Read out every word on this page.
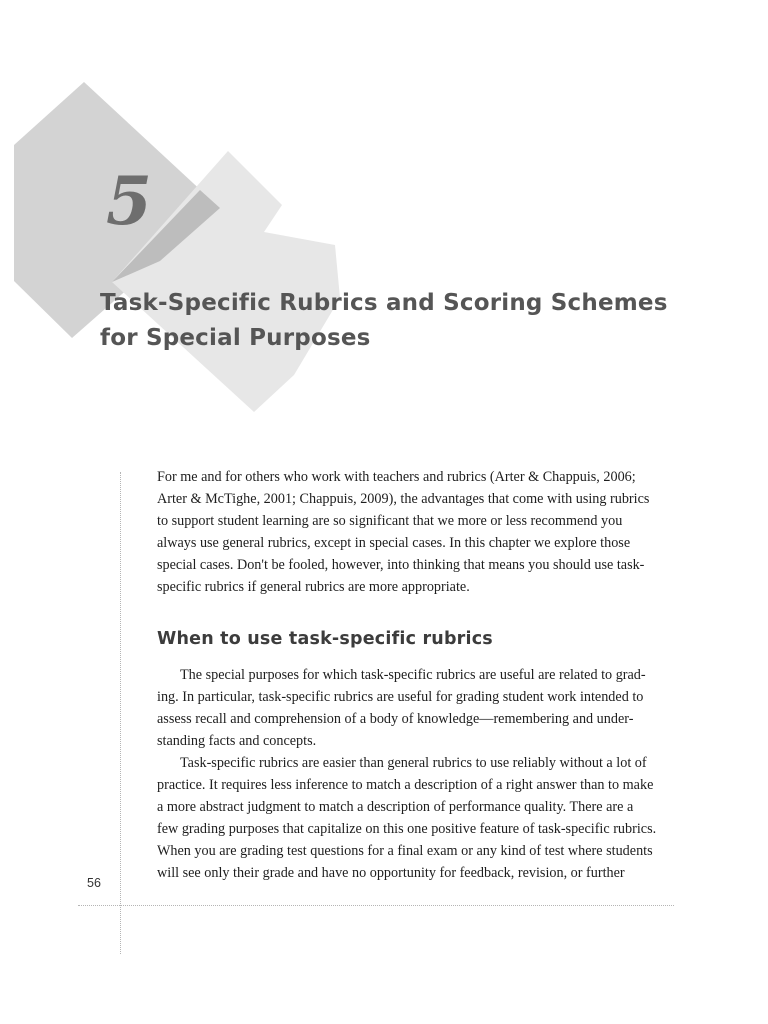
5
Task-Specific Rubrics and Scoring Schemes
for Special Purposes

For me and for others who work with teachers and rubrics (Arter & Chappuis, 2006;
Arter & McTighe, 2001; Chappuis, 2009), the advantages that come with using rubrics
to support student learning are so significant that we more or less recommend you
always use general rubrics, except in special cases. In this chapter we explore those
special cases. Don't be fooled, however, into thinking that means you should use task-
specific rubrics if general rubrics are more appropriate.

When to use task-specific rubrics

The special purposes for which task-specific rubrics are useful are related to grad-
ing. In particular, task-specific rubrics are useful for grading student work intended to
assess recall and comprehension of a body of knowledge—remembering and under-
standing facts and concepts.

Task-specific rubrics are easier than general rubrics to use reliably without a lot of
practice. It requires less inference to match a description of a right answer than to make
a more abstract judgment to match a description of performance quality. There are a
few grading purposes that capitalize on this one positive feature of task-specific rubrics.
When you are grading test questions for a final exam or any kind of test where students
will see only their grade and have no opportunity for feedback, revision, or further

56
